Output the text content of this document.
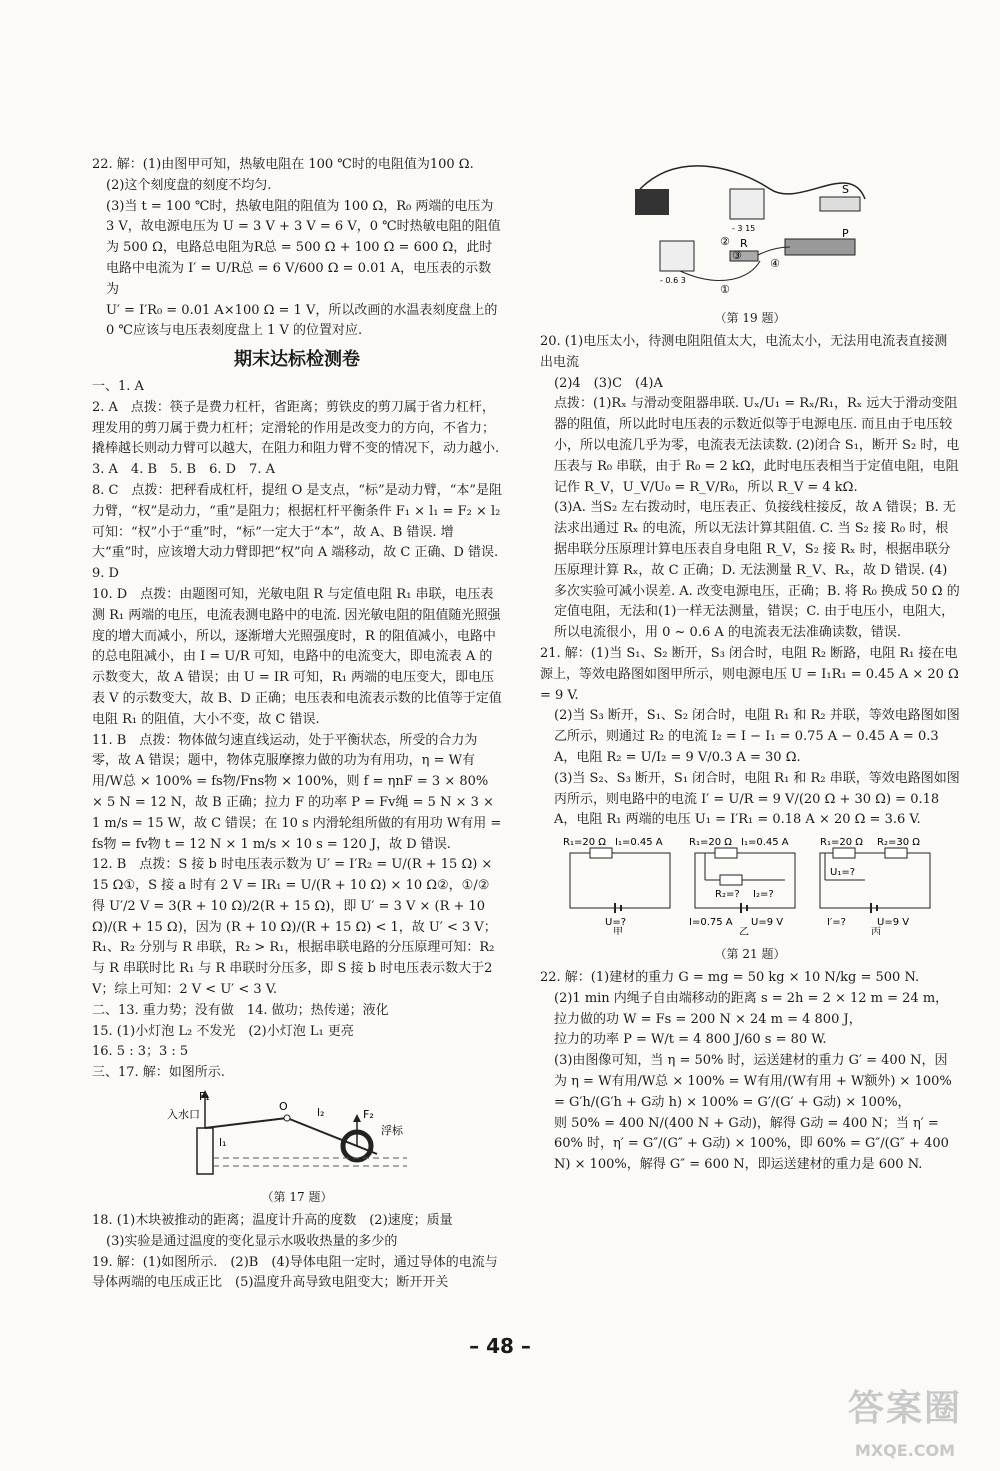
22. 解：(1)由图甲可知，热敏电阻在 100 ℃时的电阻值为100 Ω.

(2)这个刻度盘的刻度不均匀.

(3)当 t = 100 ℃时，热敏电阻的阻值为 100 Ω，R₀ 两端的电压为 3 V，故电源电压为 U = 3 V + 3 V = 6 V，0 ℃时热敏电阻的阻值为 500 Ω，电路总电阻为R总 = 500 Ω + 100 Ω = 600 Ω，此时电路中电流为 I′ = U/R总 = 6 V/600 Ω = 0.01 A，电压表的示数为

U′ = I′R₀ = 0.01 A×100 Ω = 1 V，所以改画的水温表刻度盘上的 0 ℃应该与电压表刻度盘上 1 V 的位置对应.

期末达标检测卷

一、1. A

2. A　点拨：筷子是费力杠杆，省距离；剪铁皮的剪刀属于省力杠杆，理发用的剪刀属于费力杠杆；定滑轮的作用是改变力的方向，不省力；撬棒越长则动力臂可以越大，在阻力和阻力臂不变的情况下，动力越小.

3. A　4. B　5. B　6. D　7. A

8. C　点拨：把秤看成杠杆，提纽 O 是支点，“标”是动力臂，“本”是阻力臂，“权”是动力，“重”是阻力；根据杠杆平衡条件 F₁ × l₁ = F₂ × l₂ 可知：“权”小于“重”时，“标”一定大于“本”，故 A、B 错误. 增大“重”时，应该增大动力臂即把“权”向 A 端移动，故 C 正确、D 错误.

9. D

10. D　点拨：由题图可知，光敏电阻 R 与定值电阻 R₁ 串联，电压表测 R₁ 两端的电压，电流表测电路中的电流. 因光敏电阻的阻值随光照强度的增大而减小，所以，逐渐增大光照强度时，R 的阻值减小，电路中的总电阻减小，由 I = U/R 可知，电路中的电流变大，即电流表 A 的示数变大，故 A 错误；由 U = IR 可知，R₁ 两端的电压变大，即电压表 V 的示数变大，故 B、D 正确；电压表和电流表示数的比值等于定值电阻 R₁ 的阻值，大小不变，故 C 错误.

11. B　点拨：物体做匀速直线运动，处于平衡状态，所受的合力为零，故 A 错误；题中，物体克服摩擦力做的功为有用功，η = W有用/W总 × 100% = fs物/Fns物 × 100%，则 f = ηnF = 3 × 80% × 5 N = 12 N，故 B 正确；拉力 F 的功率 P = Fv绳 = 5 N × 3 × 1 m/s = 15 W，故 C 错误；在 10 s 内滑轮组所做的有用功 W有用 = fs物 = fv物 t = 12 N × 1 m/s × 10 s = 120 J，故 D 错误.

12. B　点拨：S 接 b 时电压表示数为 U′ = I′R₂ = U/(R + 15 Ω) × 15 Ω①，S 接 a 时有 2 V = IR₁ = U/(R + 10 Ω) × 10 Ω②，①/② 得 U′/2 V = 3(R + 10 Ω)/2(R + 15 Ω)，即 U′ = 3 V × (R + 10 Ω)/(R + 15 Ω)，因为 (R + 10 Ω)/(R + 15 Ω) < 1，故 U′ < 3 V；R₁、R₂ 分别与 R 串联，R₂ > R₁，根据串联电路的分压原理可知：R₂ 与 R 串联时比 R₁ 与 R 串联时分压多，即 S 接 b 时电压表示数大于2 V；综上可知：2 V < U′ < 3 V.

二、13. 重力势；没有做　14. 做功；热传递；液化

15. (1)小灯泡 L₂ 不发光　(2)小灯泡 L₁ 更亮

16. 5 : 3；3 : 5

三、17. 解：如图所示.

F₁
O
F₂
l₁
l₂
入水口
浮标
（第 17 题）

18. (1)木块被推动的距离；温度计升高的度数　(2)速度；质量

(3)实验是通过温度的变化显示水吸收热量的多少的

19. 解：(1)如图所示.　(2)B　(4)导体电阻一定时，通过导体的电流与导体两端的电压成正比　(5)温度升高导致电阻变大；断开开关

S
P
R
- 3 15
- 0.6 3
①
②
③
④
（第 19 题）

20. (1)电压太小，待测电阻阻值太大，电流太小，无法用电流表直接测出电流

(2)4　(3)C　(4)A

点拨：(1)Rₓ 与滑动变阻器串联. Uₓ/U₁ = Rₓ/R₁，Rₓ 远大于滑动变阻器的阻值，所以此时电压表的示数近似等于电源电压. 而且由于电压较小，所以电流几乎为零，电流表无法读数. (2)闭合 S₁，断开 S₂ 时，电压表与 R₀ 串联，由于 R₀ = 2 kΩ，此时电压表相当于定值电阻，电阻记作 R_V，U_V/U₀ = R_V/R₀，所以 R_V = 4 kΩ.

(3)A. 当S₂ 左右拨动时，电压表正、负接线柱接反，故 A 错误；B. 无法求出通过 Rₓ 的电流，所以无法计算其阻值. C. 当 S₂ 接 R₀ 时，根据串联分压原理计算电压表自身电阻 R_V，S₂ 接 Rₓ 时，根据串联分压原理计算 Rₓ，故 C 正确；D. 无法测量 R_V、Rₓ，故 D 错误. (4) 多次实验可减小误差. A. 改变电源电压，正确；B. 将 R₀ 换成 50 Ω 的定值电阻，无法和(1)一样无法测量，错误；C. 由于电压小，电阻大，所以电流很小，用 0 ~ 0.6 A 的电流表无法准确读数，错误.

21. 解：(1)当 S₁、S₂ 断开，S₃ 闭合时，电阻 R₂ 断路，电阻 R₁ 接在电源上，等效电路图如图甲所示，则电源电压 U = I₁R₁ = 0.45 A × 20 Ω = 9 V.

(2)当 S₃ 断开，S₁、S₂ 闭合时，电阻 R₁ 和 R₂ 并联，等效电路图如图乙所示，则通过 R₂ 的电流 I₂ = I − I₁ = 0.75 A − 0.45 A = 0.3 A，电阻 R₂ = U/I₂ = 9 V/0.3 A = 30 Ω.

(3)当 S₂、S₃ 断开，S₁ 闭合时，电阻 R₁ 和 R₂ 串联，等效电路图如图丙所示，则电路中的电流 I′ = U/R = 9 V/(20 Ω + 30 Ω) = 0.18 A，电阻 R₁ 两端的电压 U₁ = I′R₁ = 0.18 A × 20 Ω = 3.6 V.

R₁=20 Ω I₁=0.45 A
U=?
甲
R₁=20 Ω I₁=0.45 A
R₂=? I₂=?
I=0.75 A U=9 V
乙
R₁=20 Ω R₂=30 Ω
U₁=?
I′=?	U=9 V
丙
（第 21 题）

22. 解：(1)建材的重力 G = mg = 50 kg × 10 N/kg = 500 N.

(2)1 min 内绳子自由端移动的距离 s = 2h = 2 × 12 m = 24 m，拉力做的功 W = Fs = 200 N × 24 m = 4 800 J，

拉力的功率 P = W/t = 4 800 J/60 s = 80 W.

(3)由图像可知，当 η = 50% 时，运送建材的重力 G′ = 400 N，因为 η = W有用/W总 × 100% = W有用/(W有用 + W额外) × 100% = G′h/(G′h + G动 h) × 100% = G′/(G′ + G动) × 100%，

则 50% = 400 N/(400 N + G动)，解得 G动 = 400 N；当 η′ = 60% 时，η′ = G″/(G″ + G动) × 100%，即 60% = G″/(G″ + 400 N) × 100%，解得 G″ = 600 N，即运送建材的重力是 600 N.

– 48 –
答案圈
MXQE.COM
